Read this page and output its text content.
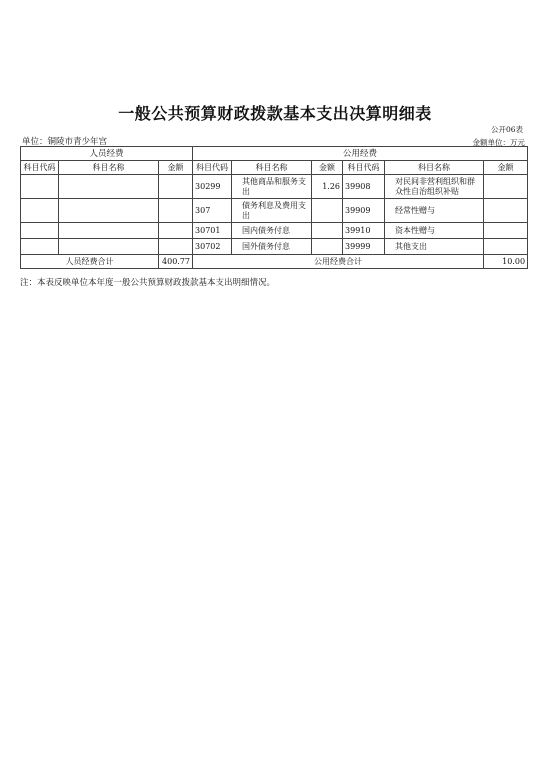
一般公共预算财政拨款基本支出决算明细表
公开06表
单位：铜陵市青少年宫	金额单位：万元
人员经费			公用经费					
科目代码	科目名称	金额	科目代码	科目名称	金额	科目代码	科目名称	金额
			30299	其他商品和服务支出	1.26	39908	对民间非营利组织和群众性自治组织补贴	
			307	债务利息及费用支出		39909	经常性赠与	
			30701	国内债务付息		39910	资本性赠与	
			30702	国外债务付息		39999	其他支出	
人员经费合计		400.77	公用经费合计					10.00
注：本表反映单位本年度一般公共预算财政拨款基本支出明细情况。
